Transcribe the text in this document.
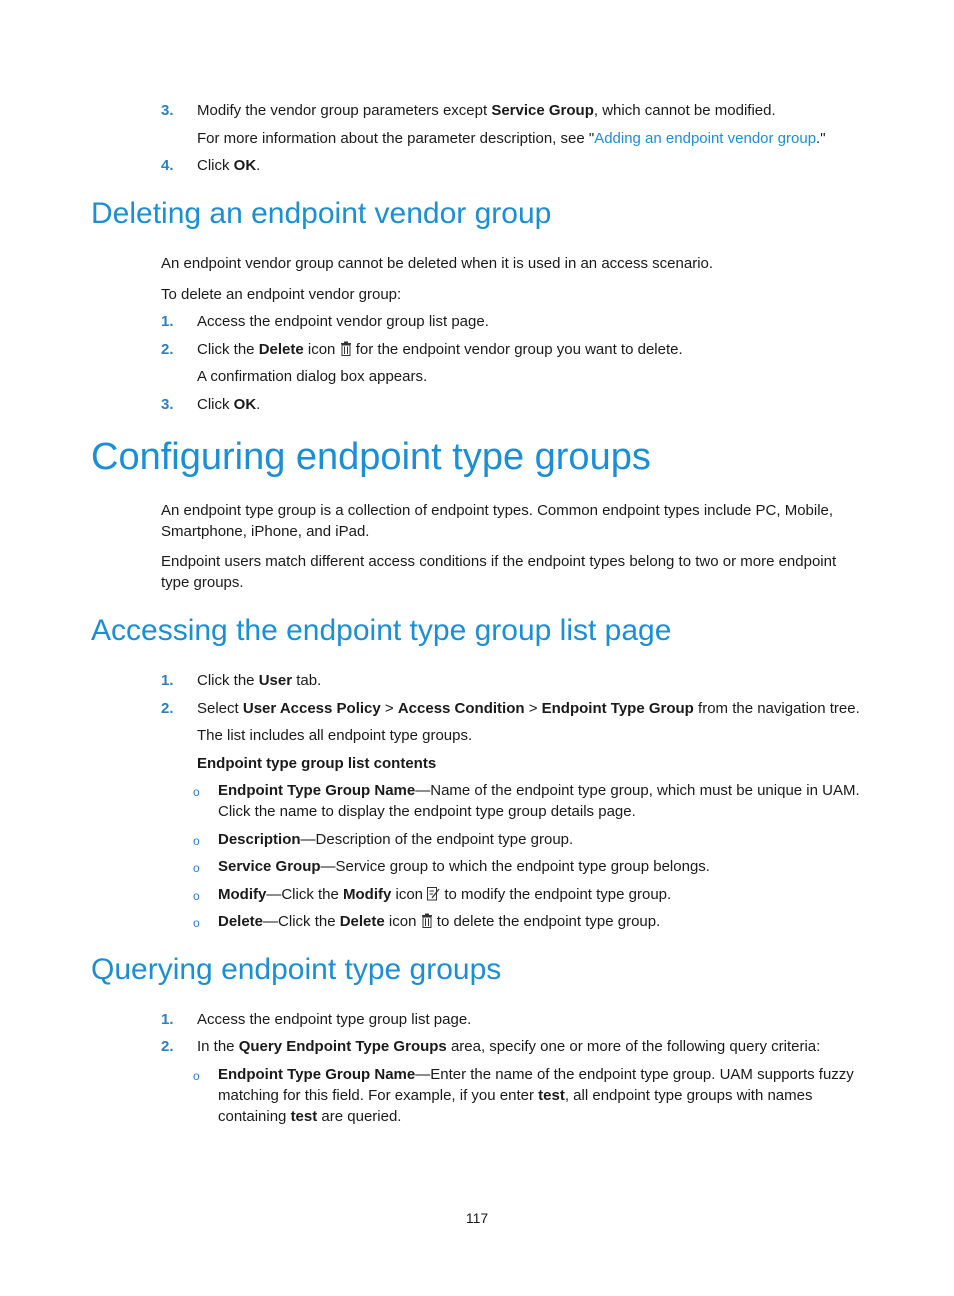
3.	Modify the vendor group parameters except Service Group, which cannot be modified.
For more information about the parameter description, see "Adding an endpoint vendor group."
4.	Click OK.
Deleting an endpoint vendor group
An endpoint vendor group cannot be deleted when it is used in an access scenario.
To delete an endpoint vendor group:
1.	Access the endpoint vendor group list page.
2.	Click the Delete icon  for the endpoint vendor group you want to delete.
A confirmation dialog box appears.
3.	Click OK.
Configuring endpoint type groups
An endpoint type group is a collection of endpoint types. Common endpoint types include PC, Mobile, Smartphone, iPhone, and iPad.
Endpoint users match different access conditions if the endpoint types belong to two or more endpoint type groups.
Accessing the endpoint type group list page
1.	Click the User tab.
2.	Select User Access Policy > Access Condition > Endpoint Type Group from the navigation tree.
The list includes all endpoint type groups.
Endpoint type group list contents
o Endpoint Type Group Name—Name of the endpoint type group, which must be unique in UAM. Click the name to display the endpoint type group details page.
o Description—Description of the endpoint type group.
o Service Group—Service group to which the endpoint type group belongs.
o Modify—Click the Modify icon  to modify the endpoint type group.
o Delete—Click the Delete icon  to delete the endpoint type group.
Querying endpoint type groups
1.	Access the endpoint type group list page.
2.	In the Query Endpoint Type Groups area, specify one or more of the following query criteria:
o Endpoint Type Group Name—Enter the name of the endpoint type group. UAM supports fuzzy matching for this field. For example, if you enter test, all endpoint type groups with names containing test are queried.
117
